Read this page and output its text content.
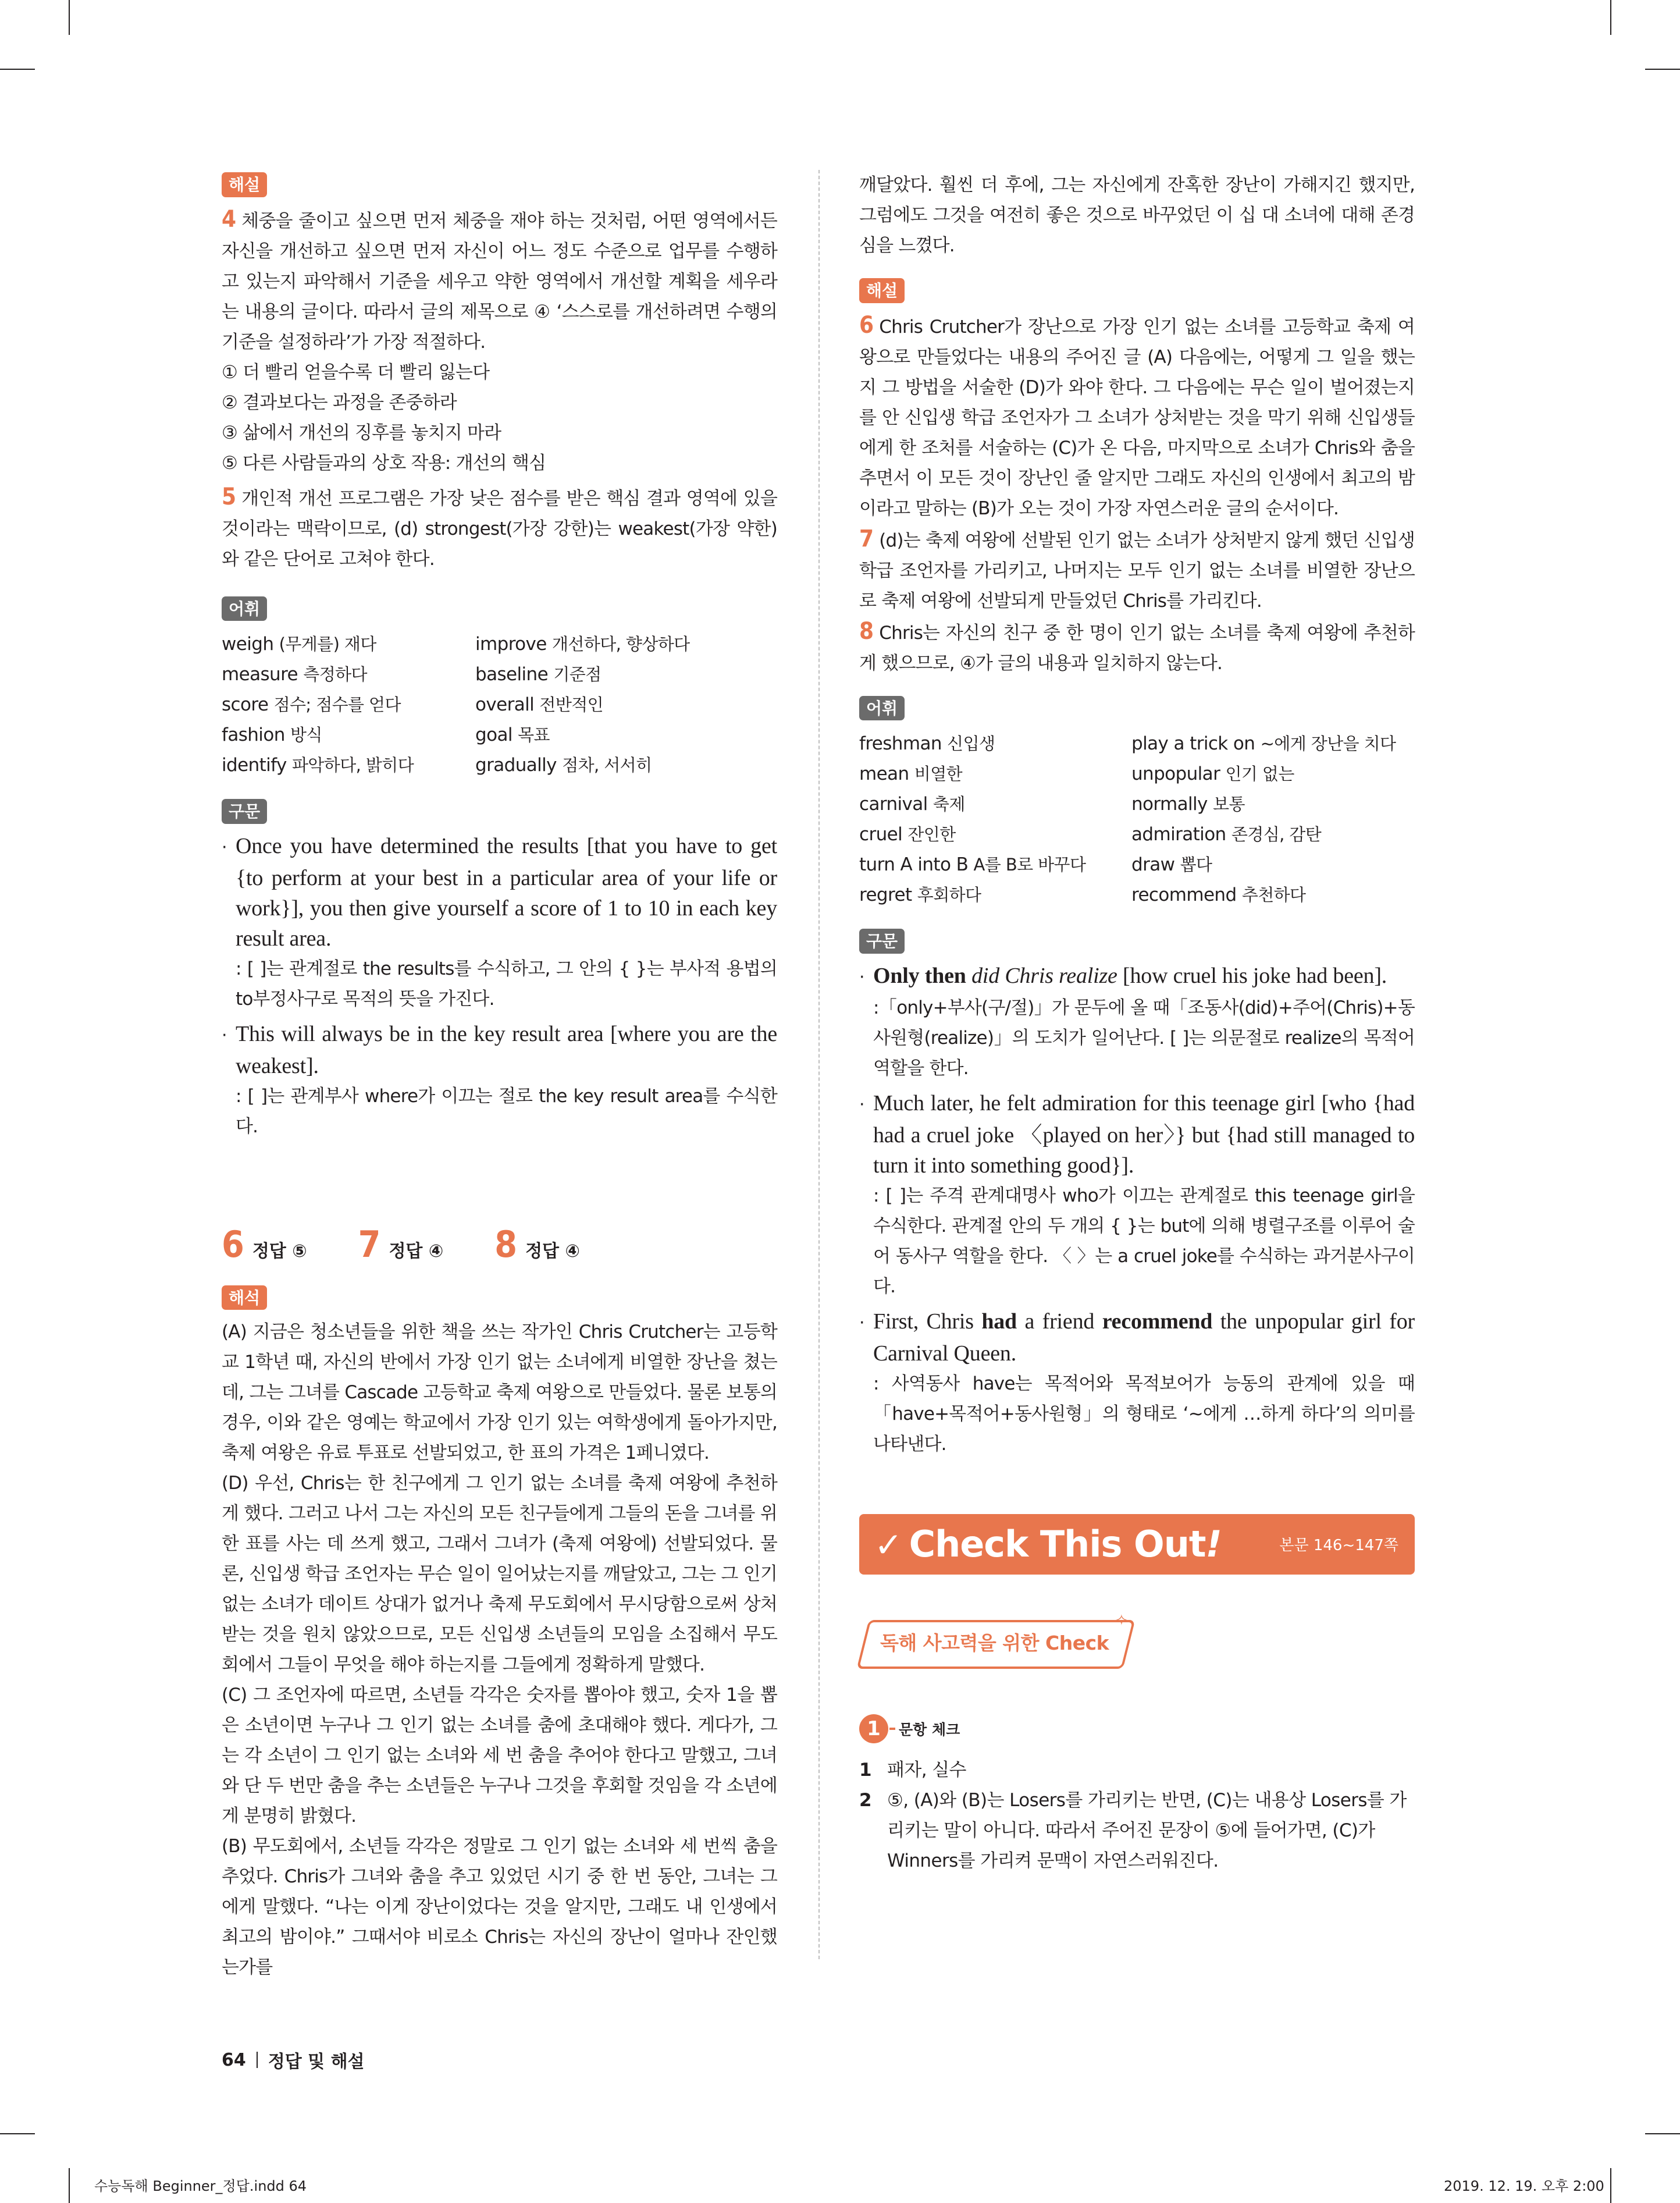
해설

4 체중을 줄이고 싶으면 먼저 체중을 재야 하는 것처럼, 어떤 영역에서든 자신을 개선하고 싶으면 먼저 자신이 어느 정도 수준으로 업무를 수행하고 있는지 파악해서 기준을 세우고 약한 영역에서 개선할 계획을 세우라는 내용의 글이다. 따라서 글의 제목으로 ④ ‘스스로를 개선하려면 수행의 기준을 설정하라’가 가장 적절하다.

① 더 빨리 얻을수록 더 빨리 잃는다

② 결과보다는 과정을 존중하라

③ 삶에서 개선의 징후를 놓치지 마라

⑤ 다른 사람들과의 상호 작용: 개선의 핵심

5 개인적 개선 프로그램은 가장 낮은 점수를 받은 핵심 결과 영역에 있을 것이라는 맥락이므로, (d) strongest(가장 강한)는 weakest(가장 약한)와 같은 단어로 고쳐야 한다.

어휘
weigh (무게를) 재다	improve 개선하다, 향상하다
measure 측정하다	baseline 기준점
score 점수; 점수를 얻다	overall 전반적인
fashion 방식	goal 목표
identify 파악하다, 밝히다	gradually 점차, 서서히
구문

· Once you have determined the results [that you have to get {to perform at your best in a particular area of your life or work}], you then give yourself a score of 1 to 10 in each key result area.

: [ ]는 관계절로 the results를 수식하고, 그 안의 { }는 부사적 용법의 to부정사구로 목적의 뜻을 가진다.

· This will always be in the key result area [where you are the weakest].

: [ ]는 관계부사 where가 이끄는 절로 the key result area를 수식한다.

6 정답 ⑤ 7 정답 ④ 8 정답 ④
해석

(A) 지금은 청소년들을 위한 책을 쓰는 작가인 Chris Crutcher는 고등학교 1학년 때, 자신의 반에서 가장 인기 없는 소녀에게 비열한 장난을 쳤는데, 그는 그녀를 Cascade 고등학교 축제 여왕으로 만들었다. 물론 보통의 경우, 이와 같은 영예는 학교에서 가장 인기 있는 여학생에게 돌아가지만, 축제 여왕은 유료 투표로 선발되었고, 한 표의 가격은 1페니였다.

(D) 우선, Chris는 한 친구에게 그 인기 없는 소녀를 축제 여왕에 추천하게 했다. 그러고 나서 그는 자신의 모든 친구들에게 그들의 돈을 그녀를 위한 표를 사는 데 쓰게 했고, 그래서 그녀가 (축제 여왕에) 선발되었다. 물론, 신입생 학급 조언자는 무슨 일이 일어났는지를 깨달았고, 그는 그 인기 없는 소녀가 데이트 상대가 없거나 축제 무도회에서 무시당함으로써 상처받는 것을 원치 않았으므로, 모든 신입생 소년들의 모임을 소집해서 무도회에서 그들이 무엇을 해야 하는지를 그들에게 정확하게 말했다.

(C) 그 조언자에 따르면, 소년들 각각은 숫자를 뽑아야 했고, 숫자 1을 뽑은 소년이면 누구나 그 인기 없는 소녀를 춤에 초대해야 했다. 게다가, 그는 각 소년이 그 인기 없는 소녀와 세 번 춤을 추어야 한다고 말했고, 그녀와 단 두 번만 춤을 추는 소년들은 누구나 그것을 후회할 것임을 각 소년에게 분명히 밝혔다.

(B) 무도회에서, 소년들 각각은 정말로 그 인기 없는 소녀와 세 번씩 춤을 추었다. Chris가 그녀와 춤을 추고 있었던 시기 중 한 번 동안, 그녀는 그에게 말했다. “나는 이게 장난이었다는 것을 알지만, 그래도 내 인생에서 최고의 밤이야.” 그때서야 비로소 Chris는 자신의 장난이 얼마나 잔인했는가를

깨달았다. 훨씬 더 후에, 그는 자신에게 잔혹한 장난이 가해지긴 했지만, 그럼에도 그것을 여전히 좋은 것으로 바꾸었던 이 십 대 소녀에 대해 존경심을 느꼈다.

해설

6 Chris Crutcher가 장난으로 가장 인기 없는 소녀를 고등학교 축제 여왕으로 만들었다는 내용의 주어진 글 (A) 다음에는, 어떻게 그 일을 했는지 그 방법을 서술한 (D)가 와야 한다. 그 다음에는 무슨 일이 벌어졌는지를 안 신입생 학급 조언자가 그 소녀가 상처받는 것을 막기 위해 신입생들에게 한 조처를 서술하는 (C)가 온 다음, 마지막으로 소녀가 Chris와 춤을 추면서 이 모든 것이 장난인 줄 알지만 그래도 자신의 인생에서 최고의 밤이라고 말하는 (B)가 오는 것이 가장 자연스러운 글의 순서이다.

7 (d)는 축제 여왕에 선발된 인기 없는 소녀가 상처받지 않게 했던 신입생 학급 조언자를 가리키고, 나머지는 모두 인기 없는 소녀를 비열한 장난으로 축제 여왕에 선발되게 만들었던 Chris를 가리킨다.

8 Chris는 자신의 친구 중 한 명이 인기 없는 소녀를 축제 여왕에 추천하게 했으므로, ④가 글의 내용과 일치하지 않는다.

어휘
freshman 신입생	play a trick on ~에게 장난을 치다
mean 비열한	unpopular 인기 없는
carnival 축제	normally 보통
cruel 잔인한	admiration 존경심, 감탄
turn A into B A를 B로 바꾸다	draw 뽑다
regret 후회하다	recommend 추천하다
구문

· Only then did Chris realize [how cruel his joke had been].

:「only+부사(구/절)」가 문두에 올 때「조동사(did)+주어(Chris)+동사원형(realize)」의 도치가 일어난다. [ ]는 의문절로 realize의 목적어 역할을 한다.

· Much later, he felt admiration for this teenage girl [who {had had a cruel joke 〈played on her〉} but {had still managed to turn it into something good}].

: [ ]는 주격 관계대명사 who가 이끄는 관계절로 this teenage girl을 수식한다. 관계절 안의 두 개의 { }는 but에 의해 병렬구조를 이루어 술어 동사구 역할을 한다. 〈 〉는 a cruel joke를 수식하는 과거분사구이다.

· First, Chris had a friend recommend the unpopular girl for Carnival Queen.

: 사역동사 have는 목적어와 목적보어가 능동의 관계에 있을 때 「have+목적어+동사원형」의 형태로 ‘~에게 …하게 하다’의 의미를 나타낸다.

✓ Check This Out!	본문 146~147쪽
독해 사고력을 위한 Check
✧
1	문항 체크

1 패자, 실수

2 ⑤, (A)와 (B)는 Losers를 가리키는 반면, (C)는 내용상 Losers를 가리키는 말이 아니다. 따라서 주어진 문장이 ⑤에 들어가면, (C)가 Winners를 가리켜 문맥이 자연스러워진다.

64 정답 및 해설
수능독해 Beginner_정답.indd 64	2019. 12. 19. 오후 2:00
